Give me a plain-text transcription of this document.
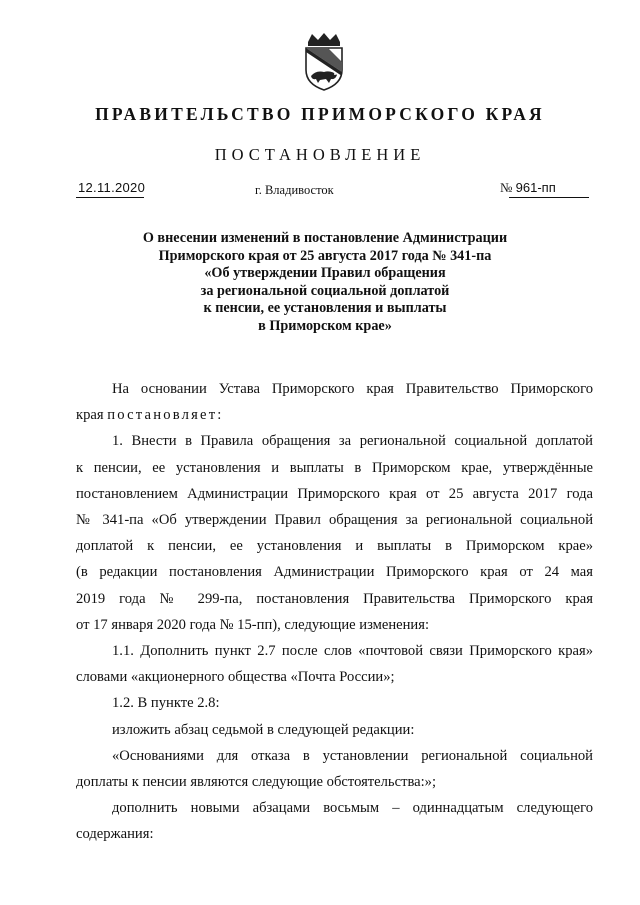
ПРАВИТЕЛЬСТВО ПРИМОРСКОГО КРАЯ
ПОСТАНОВЛЕНИЕ
12.11.2020	г. Владивосток	№ 961-пп
О внесении изменений в постановление Администрации
Приморского края от 25 августа 2017 года № 341-па
«Об утверждении Правил обращения
за региональной социальной доплатой
к пенсии, ее установления и выплаты
в Приморском крае»
На основании Устава Приморского края Правительство Приморского
края постановляет:
1. Внести в Правила обращения за региональной социальной доплатой
к пенсии, ее установления и выплаты в Приморском крае, утверждённые
постановлением Администрации Приморского края от 25 августа 2017 года
№ 341-па «Об утверждении Правил обращения за региональной социальной
доплатой к пенсии, ее установления и выплаты в Приморском крае»
(в редакции постановления Администрации Приморского края от 24 мая
2019 года № 299-па, постановления Правительства Приморского края
от 17 января 2020 года № 15-пп), следующие изменения:
1.1. Дополнить пункт 2.7 после слов «почтовой связи Приморского края»
словами «акционерного общества «Почта России»;
1.2. В пункте 2.8:
изложить абзац седьмой в следующей редакции:
«Основаниями для отказа в установлении региональной социальной
доплаты к пенсии являются следующие обстоятельства:»;
дополнить новыми абзацами восьмым – одиннадцатым следующего
содержания:
